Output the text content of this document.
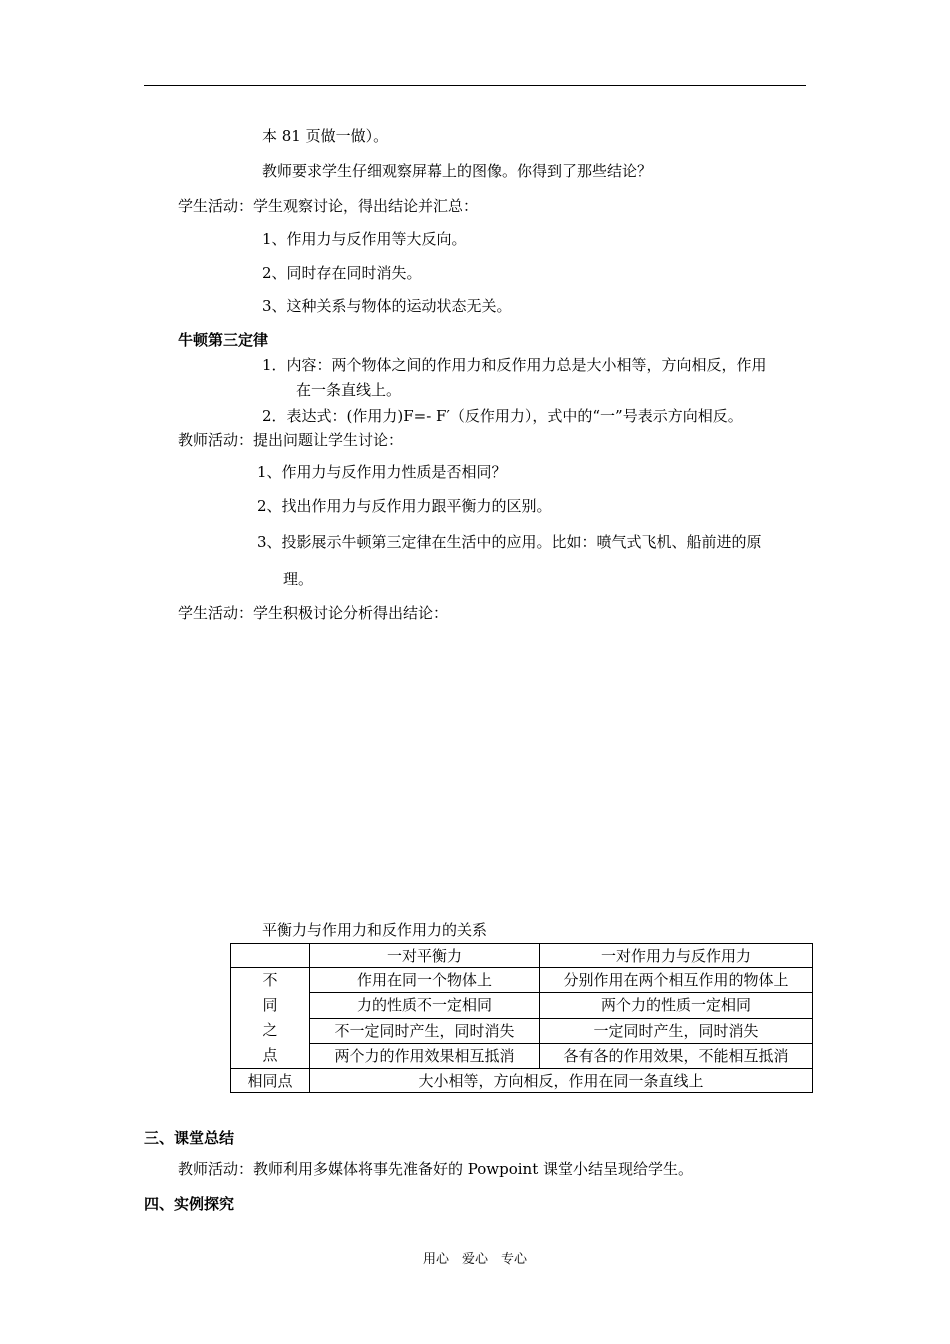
本 81 页做一做）。
教师要求学生仔细观察屏幕上的图像。你得到了那些结论？
学生活动：学生观察讨论，得出结论并汇总：
1、作用力与反作用等大反向。
2、同时存在同时消失。
3、这种关系与物体的运动状态无关。
牛顿第三定律
1．内容：两个物体之间的作用力和反作用力总是大小相等，方向相反，作用
在一条直线上。
2．表达式：(作用力)F=- F′（反作用力），式中的“一”号表示方向相反。
教师活动：提出问题让学生讨论：
1、作用力与反作用力性质是否相同？
2、找出作用力与反作用力跟平衡力的区别。
3、投影展示牛顿第三定律在生活中的应用。比如：喷气式飞机、船前进的原
理。
学生活动：学生积极讨论分析得出结论：
平衡力与作用力和反作用力的关系
	一对平衡力	一对作用力与反作用力

不
同
之
点	作用在同一个物体上	分别作用在两个相互作用的物体上
	力的性质不一定相同	两个力的性质一定相同
	不一定同时产生，同时消失	一定同时产生，同时消失
	两个力的作用效果相互抵消	各有各的作用效果，不能相互抵消
相同点	大小相等，方向相反，作用在同一条直线上	
三、课堂总结
教师活动：教师利用多媒体将事先准备好的 Powpoint 课堂小结呈现给学生。
四、实例探究
用心　爱心　专心
